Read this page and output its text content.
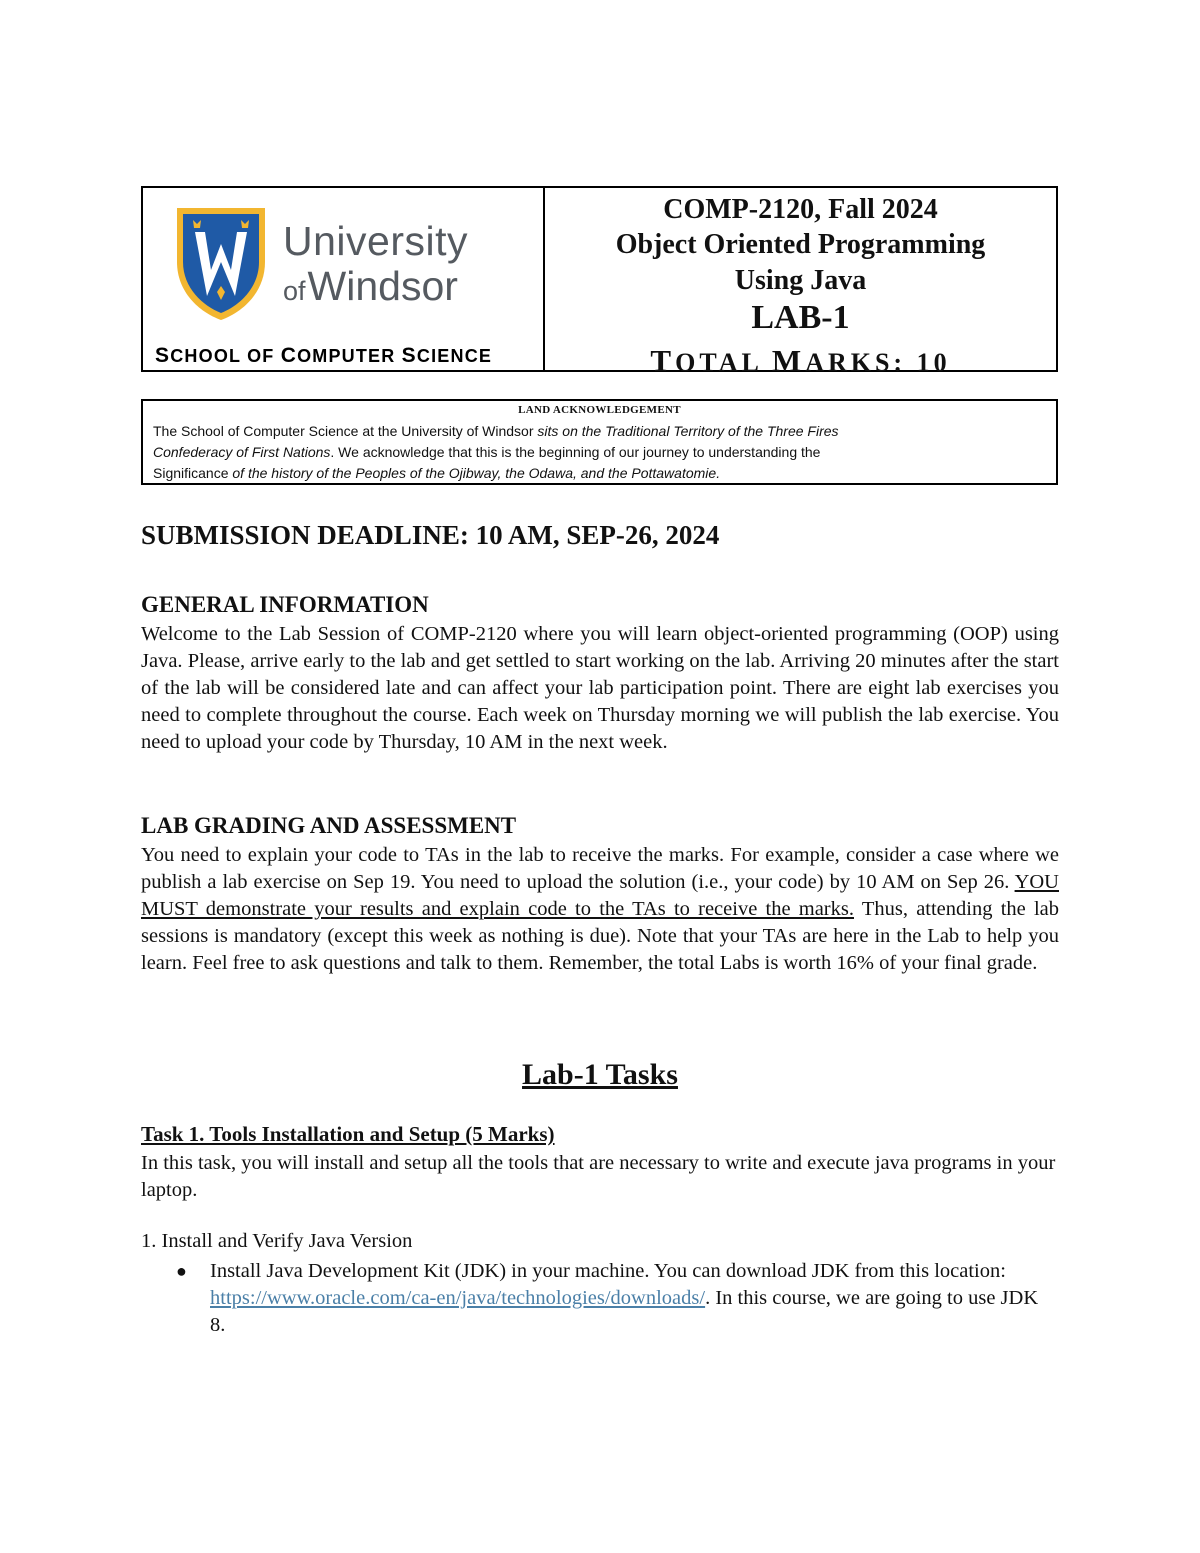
University
ofWindsor
SCHOOL OF COMPUTER SCIENCE
COMP-2120, Fall 2024
Object Oriented Programming
Using Java
LAB-1
TOTAL MARKS: 10
LAND ACKNOWLEDGEMENT
The School of Computer Science at the University of Windsor sits on the Traditional Territory of the Three Fires
Confederacy of First Nations. We acknowledge that this is the beginning of our journey to understanding the
Significance of the history of the Peoples of the Ojibway, the Odawa, and the Pottawatomie.
SUBMISSION DEADLINE: 10 AM, SEP-26, 2024
GENERAL INFORMATION
Welcome to the Lab Session of COMP-2120 where you will learn object-oriented programming (OOP) using Java. Please, arrive early to the lab and get settled to start working on the lab. Arriving 20 minutes after the start of the lab will be considered late and can affect your lab participation point. There are eight lab exercises you need to complete throughout the course. Each week on Thursday morning we will publish the lab exercise. You need to upload your code by Thursday, 10 AM in the next week.
LAB GRADING AND ASSESSMENT
You need to explain your code to TAs in the lab to receive the marks. For example, consider a case where we publish a lab exercise on Sep 19. You need to upload the solution (i.e., your code) by 10 AM on Sep 26. YOU MUST demonstrate your results and explain code to the TAs to receive the marks. Thus, attending the lab sessions is mandatory (except this week as nothing is due). Note that your TAs are here in the Lab to help you learn. Feel free to ask questions and talk to them. Remember, the total Labs is worth 16% of your final grade.
Lab-1 Tasks
Task 1. Tools Installation and Setup (5 Marks)
In this task, you will install and setup all the tools that are necessary to write and execute java programs in your laptop.
1. Install and Verify Java Version
● Install Java Development Kit (JDK) in your machine. You can download JDK from this location: https://www.oracle.com/ca-en/java/technologies/downloads/. In this course, we are going to use JDK 8.
